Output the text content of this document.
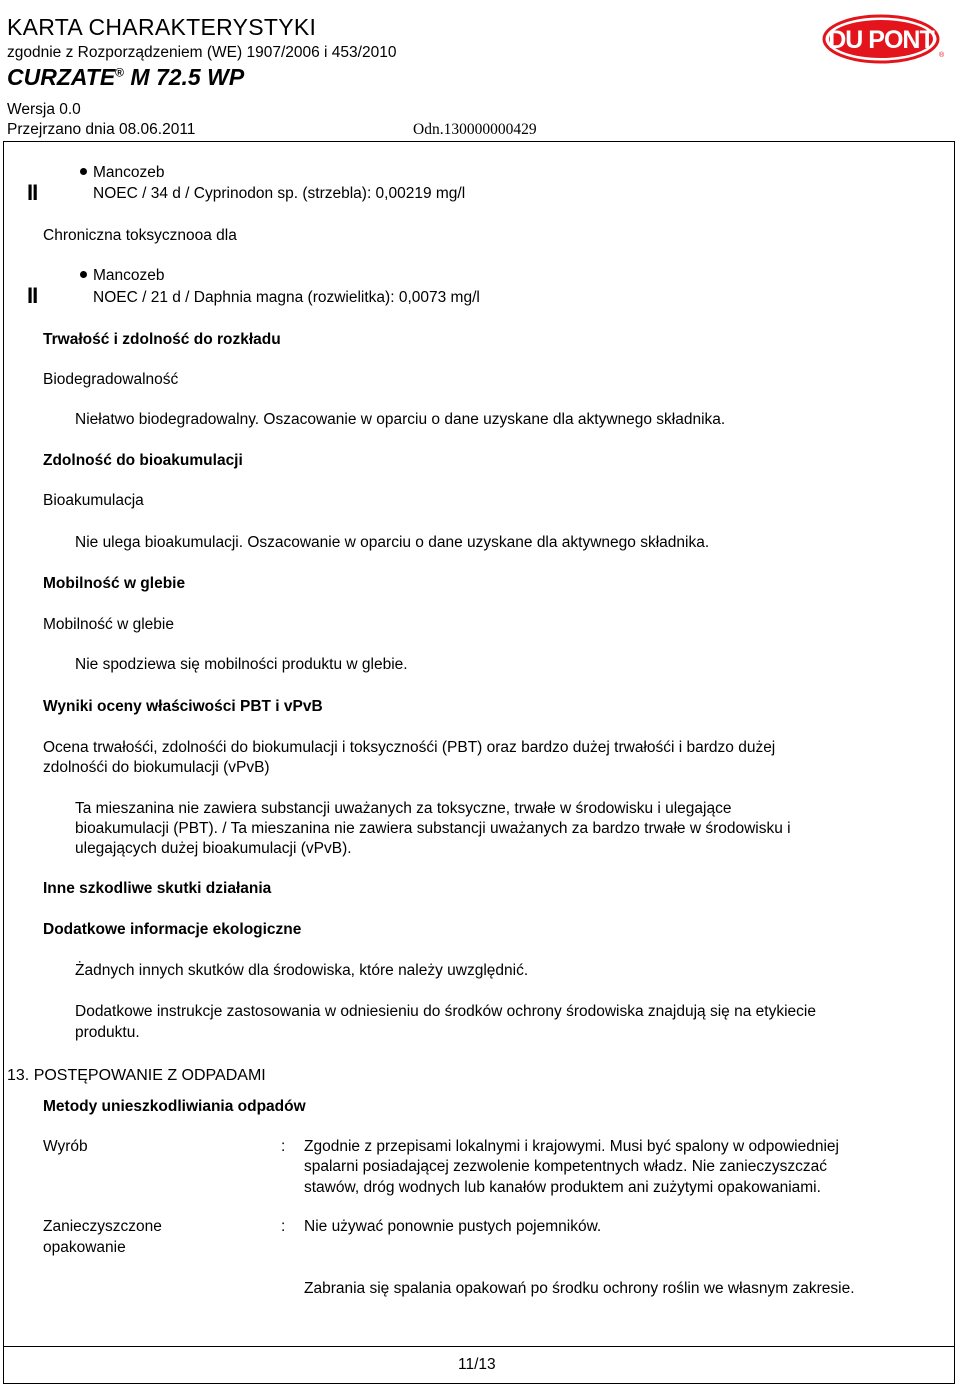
KARTA CHARAKTERYSTYKI
zgodnie z Rozporządzeniem (WE) 1907/2006 i 453/2010
CURZATE® M 72.5 WP
Wersja 0.0
Przejrzano dnia 08.06.2011	Odn.130000000429
DU PONT
®
II
Mancozeb
NOEC / 34 d / Cyprinodon sp. (strzebla): 0,00219 mg/l
Chroniczna toksycznooa dla
II
Mancozeb
NOEC / 21 d / Daphnia magna (rozwielitka): 0,0073 mg/l
Trwałość i zdolność do rozkładu
Biodegradowalność
Niełatwo biodegradowalny. Oszacowanie w oparciu o dane uzyskane dla aktywnego składnika.
Zdolność do bioakumulacji
Bioakumulacja
Nie ulega bioakumulacji. Oszacowanie w oparciu o dane uzyskane dla aktywnego składnika.
Mobilność w glebie
Mobilność w glebie
Nie spodziewa się mobilności produktu w glebie.
Wyniki oceny właściwości PBT i vPvB
Ocena trwałośći, zdolnośći do biokumulacji i toksycznośći (PBT) oraz bardzo dużej trwałośći i bardzo dużej
zdolnośći do biokumulacji (vPvB)
Ta mieszanina nie zawiera substancji uważanych za toksyczne, trwałe w środowisku i ulegające
bioakumulacji (PBT). / Ta mieszanina nie zawiera substancji uważanych za bardzo trwałe w środowisku i
ulegających dużej bioakumulacji (vPvB).
Inne szkodliwe skutki działania
Dodatkowe informacje ekologiczne
Żadnych innych skutków dla środowiska, które należy uwzględnić.
Dodatkowe instrukcje zastosowania w odniesieniu do środków ochrony środowiska znajdują się na etykiecie
produktu.
13. POSTĘPOWANIE Z ODPADAMI
Metody unieszkodliwiania odpadów
Wyrób	: Zgodnie z przepisami lokalnymi i krajowymi. Musi być spalony w odpowiedniej
spalarni posiadającej zezwolenie kompetentnych władz. Nie zanieczyszczać
stawów, dróg wodnych lub kanałów produktem ani zużytymi opakowaniami.
Zanieczyszczone
opakowanie
: Nie używać ponownie pustych pojemników.
Zabrania się spalania opakowań po środku ochrony roślin we własnym zakresie.
11/13
